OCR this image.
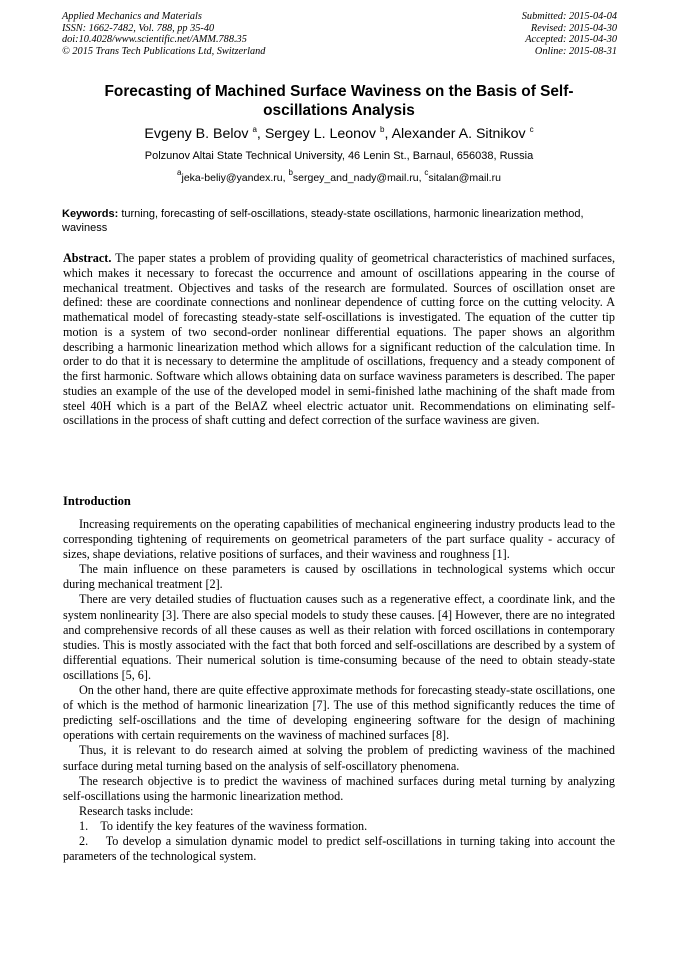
Applied Mechanics and Materials
ISSN: 1662-7482, Vol. 788, pp 35-40
doi:10.4028/www.scientific.net/AMM.788.35
© 2015 Trans Tech Publications Ltd, Switzerland
Submitted: 2015-04-04
Revised: 2015-04-30
Accepted: 2015-04-30
Online: 2015-08-31
Forecasting of Machined Surface Waviness on the Basis of Self-
oscillations Analysis
Evgeny B. Belov $^a$, Sergey L. Leonov $^b$, Alexander A. Sitnikov $^c$
Polzunov Altai State Technical University, 46 Lenin St., Barnaul, 656038, Russia
$^a$jeka-beliy@yandex.ru, $^b$sergey_and_nady@mail.ru, $^c$sitalan@mail.ru
Keywords: turning, forecasting of self-oscillations, steady-state oscillations, harmonic linearization method, waviness
Abstract. The paper states a problem of providing quality of geometrical characteristics of machined surfaces, which makes it necessary to forecast the occurrence and amount of oscillations appearing in the course of mechanical treatment. Objectives and tasks of the research are formulated. Sources of oscillation onset are defined: these are coordinate connections and nonlinear dependence of cutting force on the cutting velocity. A mathematical model of forecasting steady-state self-oscillations is investigated. The equation of the cutter tip motion is a system of two second-order nonlinear differential equations. The paper shows an algorithm describing a harmonic linearization method which allows for a significant reduction of the calculation time. In order to do that it is necessary to determine the amplitude of oscillations, frequency and a steady component of the first harmonic. Software which allows obtaining data on surface waviness parameters is described. The paper studies an example of the use of the developed model in semi-finished lathe machining of the shaft made from steel 40H which is a part of the BelAZ wheel electric actuator unit. Recommendations on eliminating self-oscillations in the process of shaft cutting and defect correction of the surface waviness are given.
Introduction

Increasing requirements on the operating capabilities of mechanical engineering industry products lead to the corresponding tightening of requirements on geometrical parameters of the part surface quality - accuracy of sizes, shape deviations, relative positions of surfaces, and their waviness and roughness [1].

The main influence on these parameters is caused by oscillations in technological systems which occur during mechanical treatment [2].

There are very detailed studies of fluctuation causes such as a regenerative effect, a coordinate link, and the system nonlinearity [3]. There are also special models to study these causes. [4] However, there are no integrated and comprehensive records of all these causes as well as their relation with forced oscillations in contemporary studies. This is mostly associated with the fact that both forced and self-oscillations are described by a system of differential equations. Their numerical solution is time-consuming because of the need to obtain steady-state oscillations [5, 6].

On the other hand, there are quite effective approximate methods for forecasting steady-state oscillations, one of which is the method of harmonic linearization [7]. The use of this method significantly reduces the time of predicting self-oscillations and the time of developing engineering software for the design of machining operations with certain requirements on the waviness of machined surfaces [8].

Thus, it is relevant to do research aimed at solving the problem of predicting waviness of the machined surface during metal turning based on the analysis of self-oscillatory phenomena.

The research objective is to predict the waviness of machined surfaces during metal turning by analyzing self-oscillations using the harmonic linearization method.

Research tasks include:

1. To identify the key features of the waviness formation.

2. To develop a simulation dynamic model to predict self-oscillations in turning taking into account the parameters of the technological system.
